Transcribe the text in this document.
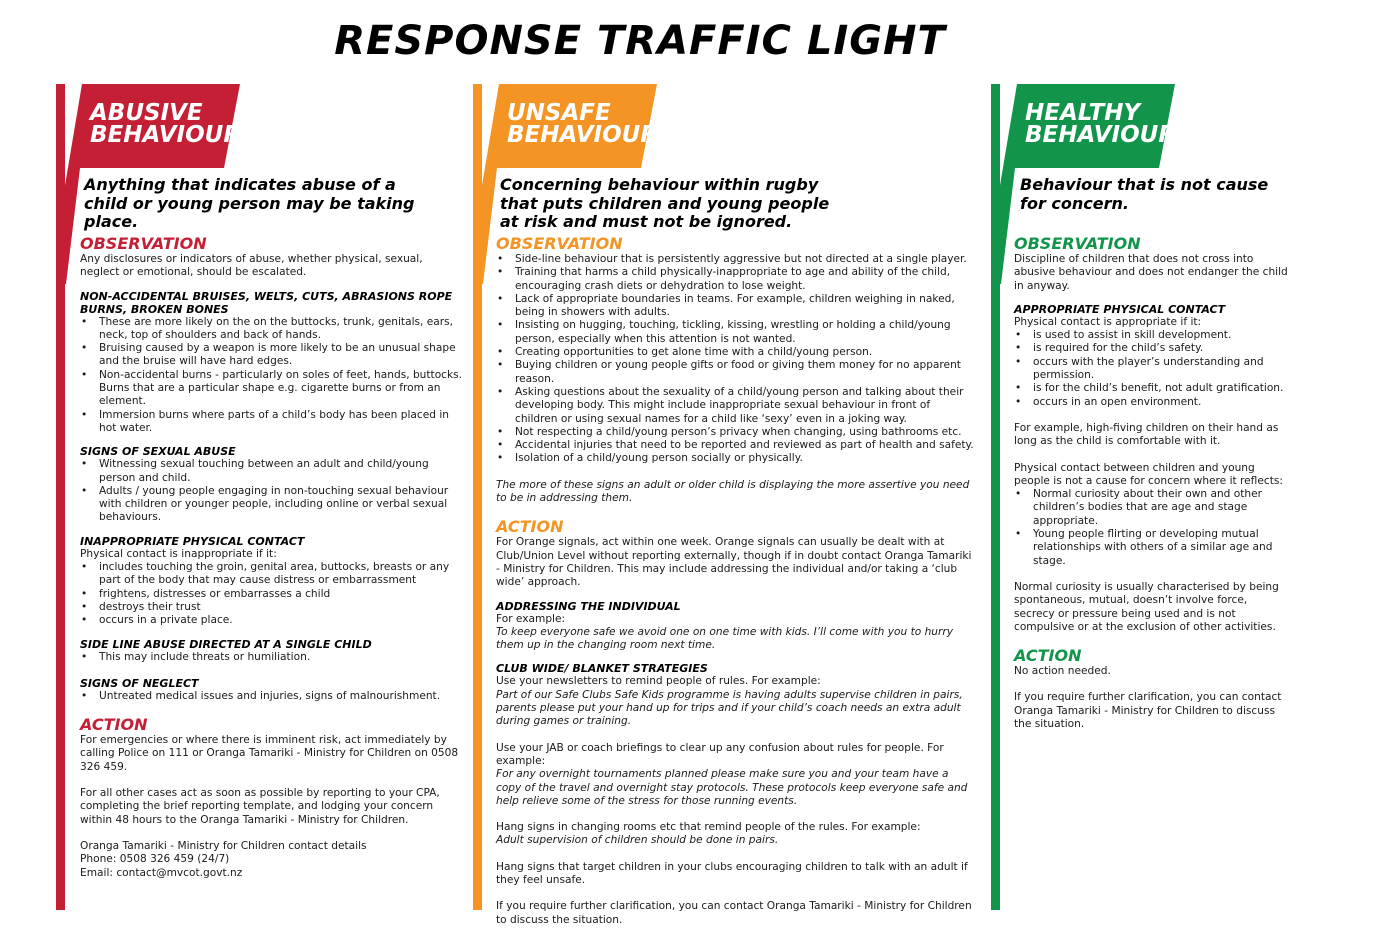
RESPONSE TRAFFIC LIGHT
ABUSIVE
BEHAVIOUR
Anything that indicates abuse of a
child or young person may be taking
place.
OBSERVATION

Any disclosures or indicators of abuse, whether physical, sexual, neglect or emotional, should be escalated.

NON-ACCIDENTAL BRUISES, WELTS, CUTS, ABRASIONS ROPE BURNS, BROKEN BONES

• These are more likely on the on the buttocks, trunk, genitals, ears, neck, top of shoulders and back of hands.
• Bruising caused by a weapon is more likely to be an unusual shape and the bruise will have hard edges.
• Non-accidental burns - particularly on soles of feet, hands, buttocks. Burns that are a particular shape e.g. cigarette burns or from an element.
• Immersion burns where parts of a child’s body has been placed in hot water.

SIGNS OF SEXUAL ABUSE

• Witnessing sexual touching between an adult and child/young person and child.
• Adults / young people engaging in non-touching sexual behaviour with children or younger people, including online or verbal sexual behaviours.

INAPPROPRIATE PHYSICAL CONTACT

Physical contact is inappropriate if it:

• includes touching the groin, genital area, buttocks, breasts or any part of the body that may cause distress or embarrassment
• frightens, distresses or embarrasses a child
• destroys their trust
• occurs in a private place.

SIDE LINE ABUSE DIRECTED AT A SINGLE CHILD

• This may include threats or humiliation.

SIGNS OF NEGLECT

• Untreated medical issues and injuries, signs of malnourishment.
ACTION

For emergencies or where there is imminent risk, act immediately by calling Police on 111 or Oranga Tamariki - Ministry for Children on 0508 326 459.

For all other cases act as soon as possible by reporting to your CPA, completing the brief reporting template, and lodging your concern within 48 hours to the Oranga Tamariki - Ministry for Children.

Oranga Tamariki - Ministry for Children contact details

Phone: 0508 326 459 (24/7)

Email: contact@mvcot.govt.nz

UNSAFE
BEHAVIOUR
Concerning behaviour within rugby
that puts children and young people
at risk and must not be ignored.
OBSERVATION
• Side-line behaviour that is persistently aggressive but not directed at a single player.
• Training that harms a child physically-inappropriate to age and ability of the child, encouraging crash diets or dehydration to lose weight.
• Lack of appropriate boundaries in teams. For example, children weighing in naked, being in showers with adults.
• Insisting on hugging, touching, tickling, kissing, wrestling or holding a child/young person, especially when this attention is not wanted.
• Creating opportunities to get alone time with a child/young person.
• Buying children or young people gifts or food or giving them money for no apparent reason.
• Asking questions about the sexuality of a child/young person and talking about their developing body. This might include inappropriate sexual behaviour in front of children or using sexual names for a child like ‘sexy’ even in a joking way.
• Not respecting a child/young person’s privacy when changing, using bathrooms etc.
• Accidental injuries that need to be reported and reviewed as part of health and safety.
• Isolation of a child/young person socially or physically.

The more of these signs an adult or older child is displaying the more assertive you need to be in addressing them.

ACTION

For Orange signals, act within one week. Orange signals can usually be dealt with at Club/Union Level without reporting externally, though if in doubt contact Oranga Tamariki - Ministry for Children. This may include addressing the individual and/or taking a ‘club wide’ approach.

ADDRESSING THE INDIVIDUAL

For example:

To keep everyone safe we avoid one on one time with kids. I’ll come with you to hurry them up in the changing room next time.

CLUB WIDE/ BLANKET STRATEGIES

Use your newsletters to remind people of rules. For example:

Part of our Safe Clubs Safe Kids programme is having adults supervise children in pairs, parents please put your hand up for trips and if your child’s coach needs an extra adult during games or training.

Use your JAB or coach briefings to clear up any confusion about rules for people. For example:

For any overnight tournaments planned please make sure you and your team have a copy of the travel and overnight stay protocols. These protocols keep everyone safe and help relieve some of the stress for those running events.

Hang signs in changing rooms etc that remind people of the rules. For example:

Adult supervision of children should be done in pairs.

Hang signs that target children in your clubs encouraging children to talk with an adult if they feel unsafe.

If you require further clarification, you can contact Oranga Tamariki - Ministry for Children to discuss the situation.

HEALTHY
BEHAVIOUR
Behaviour that is not cause
for concern.
OBSERVATION

Discipline of children that does not cross into abusive behaviour and does not endanger the child in anyway.

APPROPRIATE PHYSICAL CONTACT

Physical contact is appropriate if it:

• is used to assist in skill development.
• is required for the child’s safety.
• occurs with the player’s understanding and permission.
• is for the child’s benefit, not adult gratification.
• occurs in an open environment.

For example, high-fiving children on their hand as long as the child is comfortable with it.

Physical contact between children and young people is not a cause for concern where it reflects:

• Normal curiosity about their own and other children’s bodies that are age and stage appropriate.
• Young people flirting or developing mutual relationships with others of a similar age and stage.

Normal curiosity is usually characterised by being spontaneous, mutual, doesn’t involve force, secrecy or pressure being used and is not compulsive or at the exclusion of other activities.

ACTION

No action needed.

If you require further clarification, you can contact Oranga Tamariki - Ministry for Children to discuss the situation.
